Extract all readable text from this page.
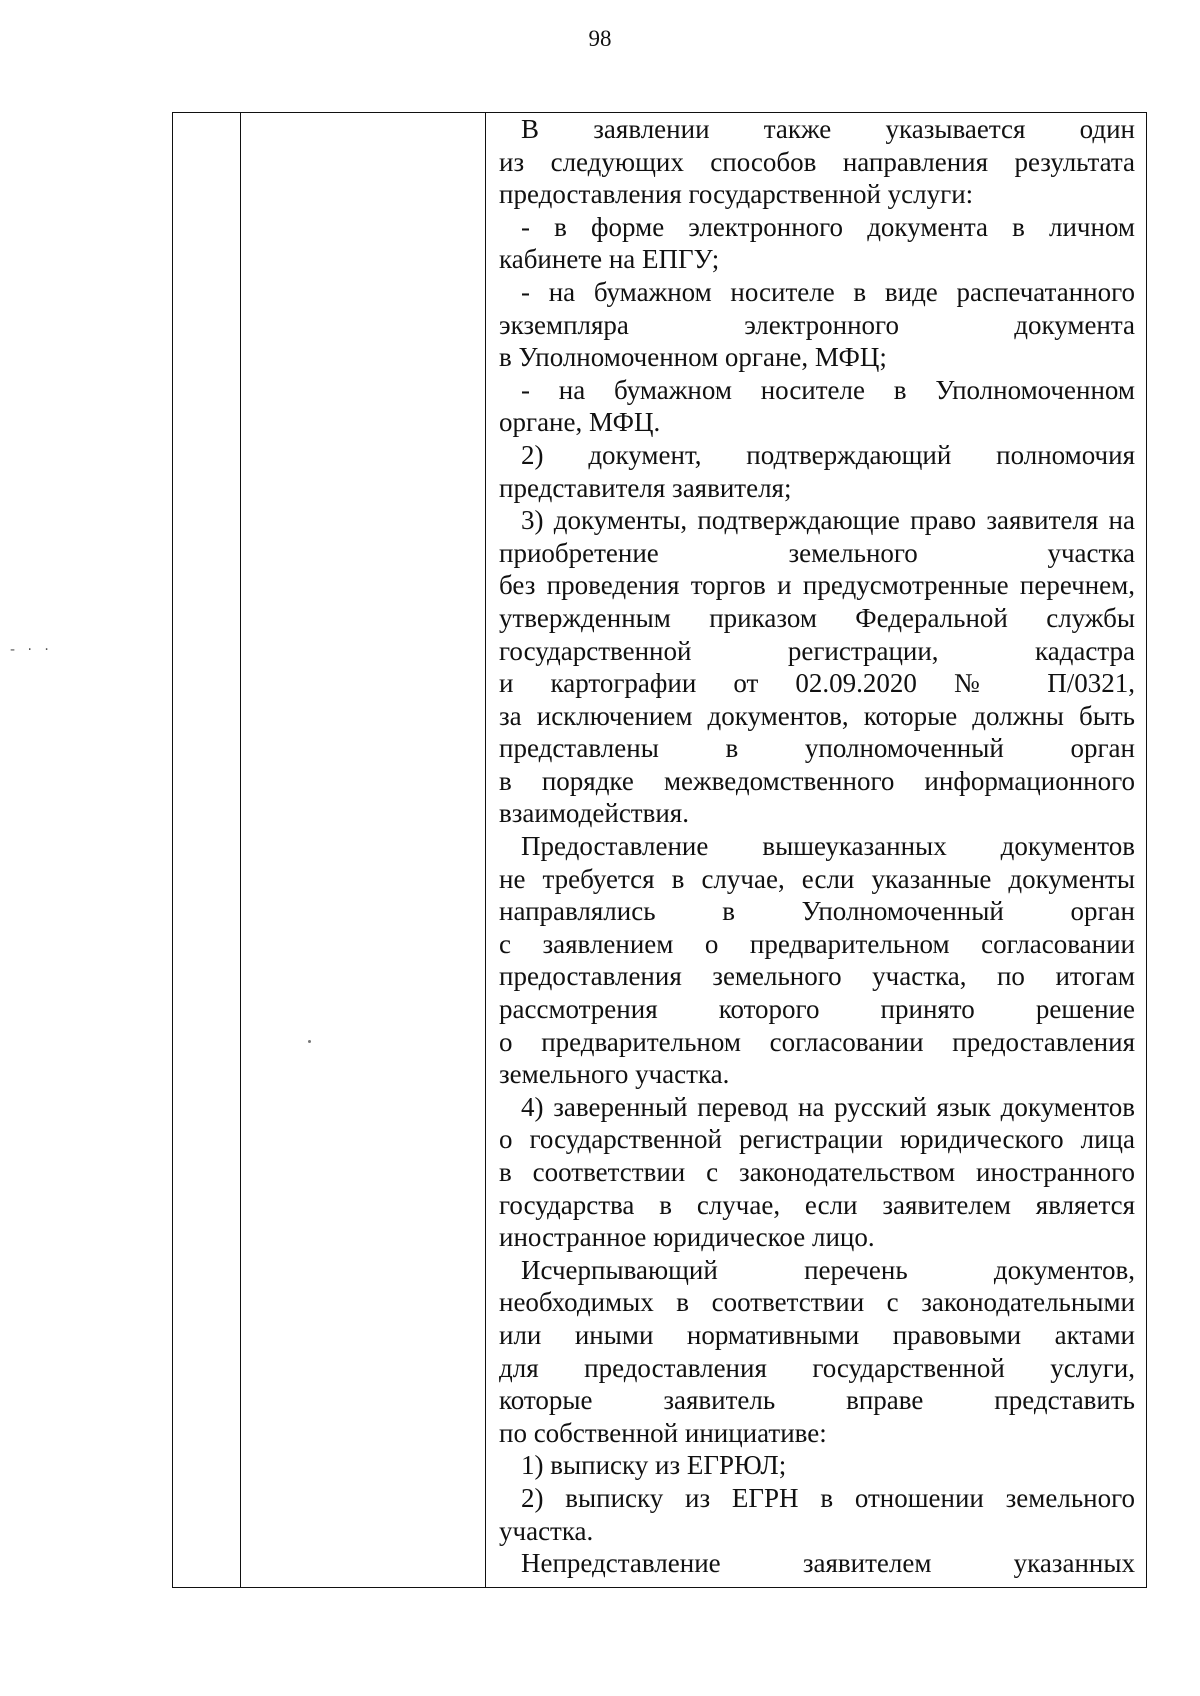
98
В заявлении также указывается один
из следующих способов направления результата
предоставления государственной услуги:
- в форме электронного документа в личном
кабинете на ЕПГУ;
- на бумажном носителе в виде распечатанного
экземпляра электронного документа
в Уполномоченном органе, МФЦ;
- на бумажном носителе в Уполномоченном
органе, МФЦ.
2) документ, подтверждающий полномочия
представителя заявителя;
3) документы, подтверждающие право заявителя на
приобретение земельного участка
без проведения торгов и предусмотренные перечнем,
утвержденным приказом Федеральной службы
государственной регистрации, кадастра
и картографии от 02.09.2020 № П/0321,
за исключением документов, которые должны быть
представлены в уполномоченный орган
в порядке межведомственного информационного
взаимодействия.
Предоставление вышеуказанных документов
не требуется в случае, если указанные документы
направлялись в Уполномоченный орган
с заявлением о предварительном согласовании
предоставления земельного участка, по итогам
рассмотрения которого принято решение
о предварительном согласовании предоставления
земельного участка.
4) заверенный перевод на русский язык документов
о государственной регистрации юридического лица
в соответствии с законодательством иностранного
государства в случае, если заявителем является
иностранное юридическое лицо.
Исчерпывающий перечень документов,
необходимых в соответствии с законодательными
или иными нормативными правовыми актами
для предоставления государственной услуги,
которые заявитель вправе представить
по собственной инициативе:
1) выписку из ЕГРЮЛ;
2) выписку из ЕГРН в отношении земельного
участка.
Непредставление заявителем указанных
- · ·
